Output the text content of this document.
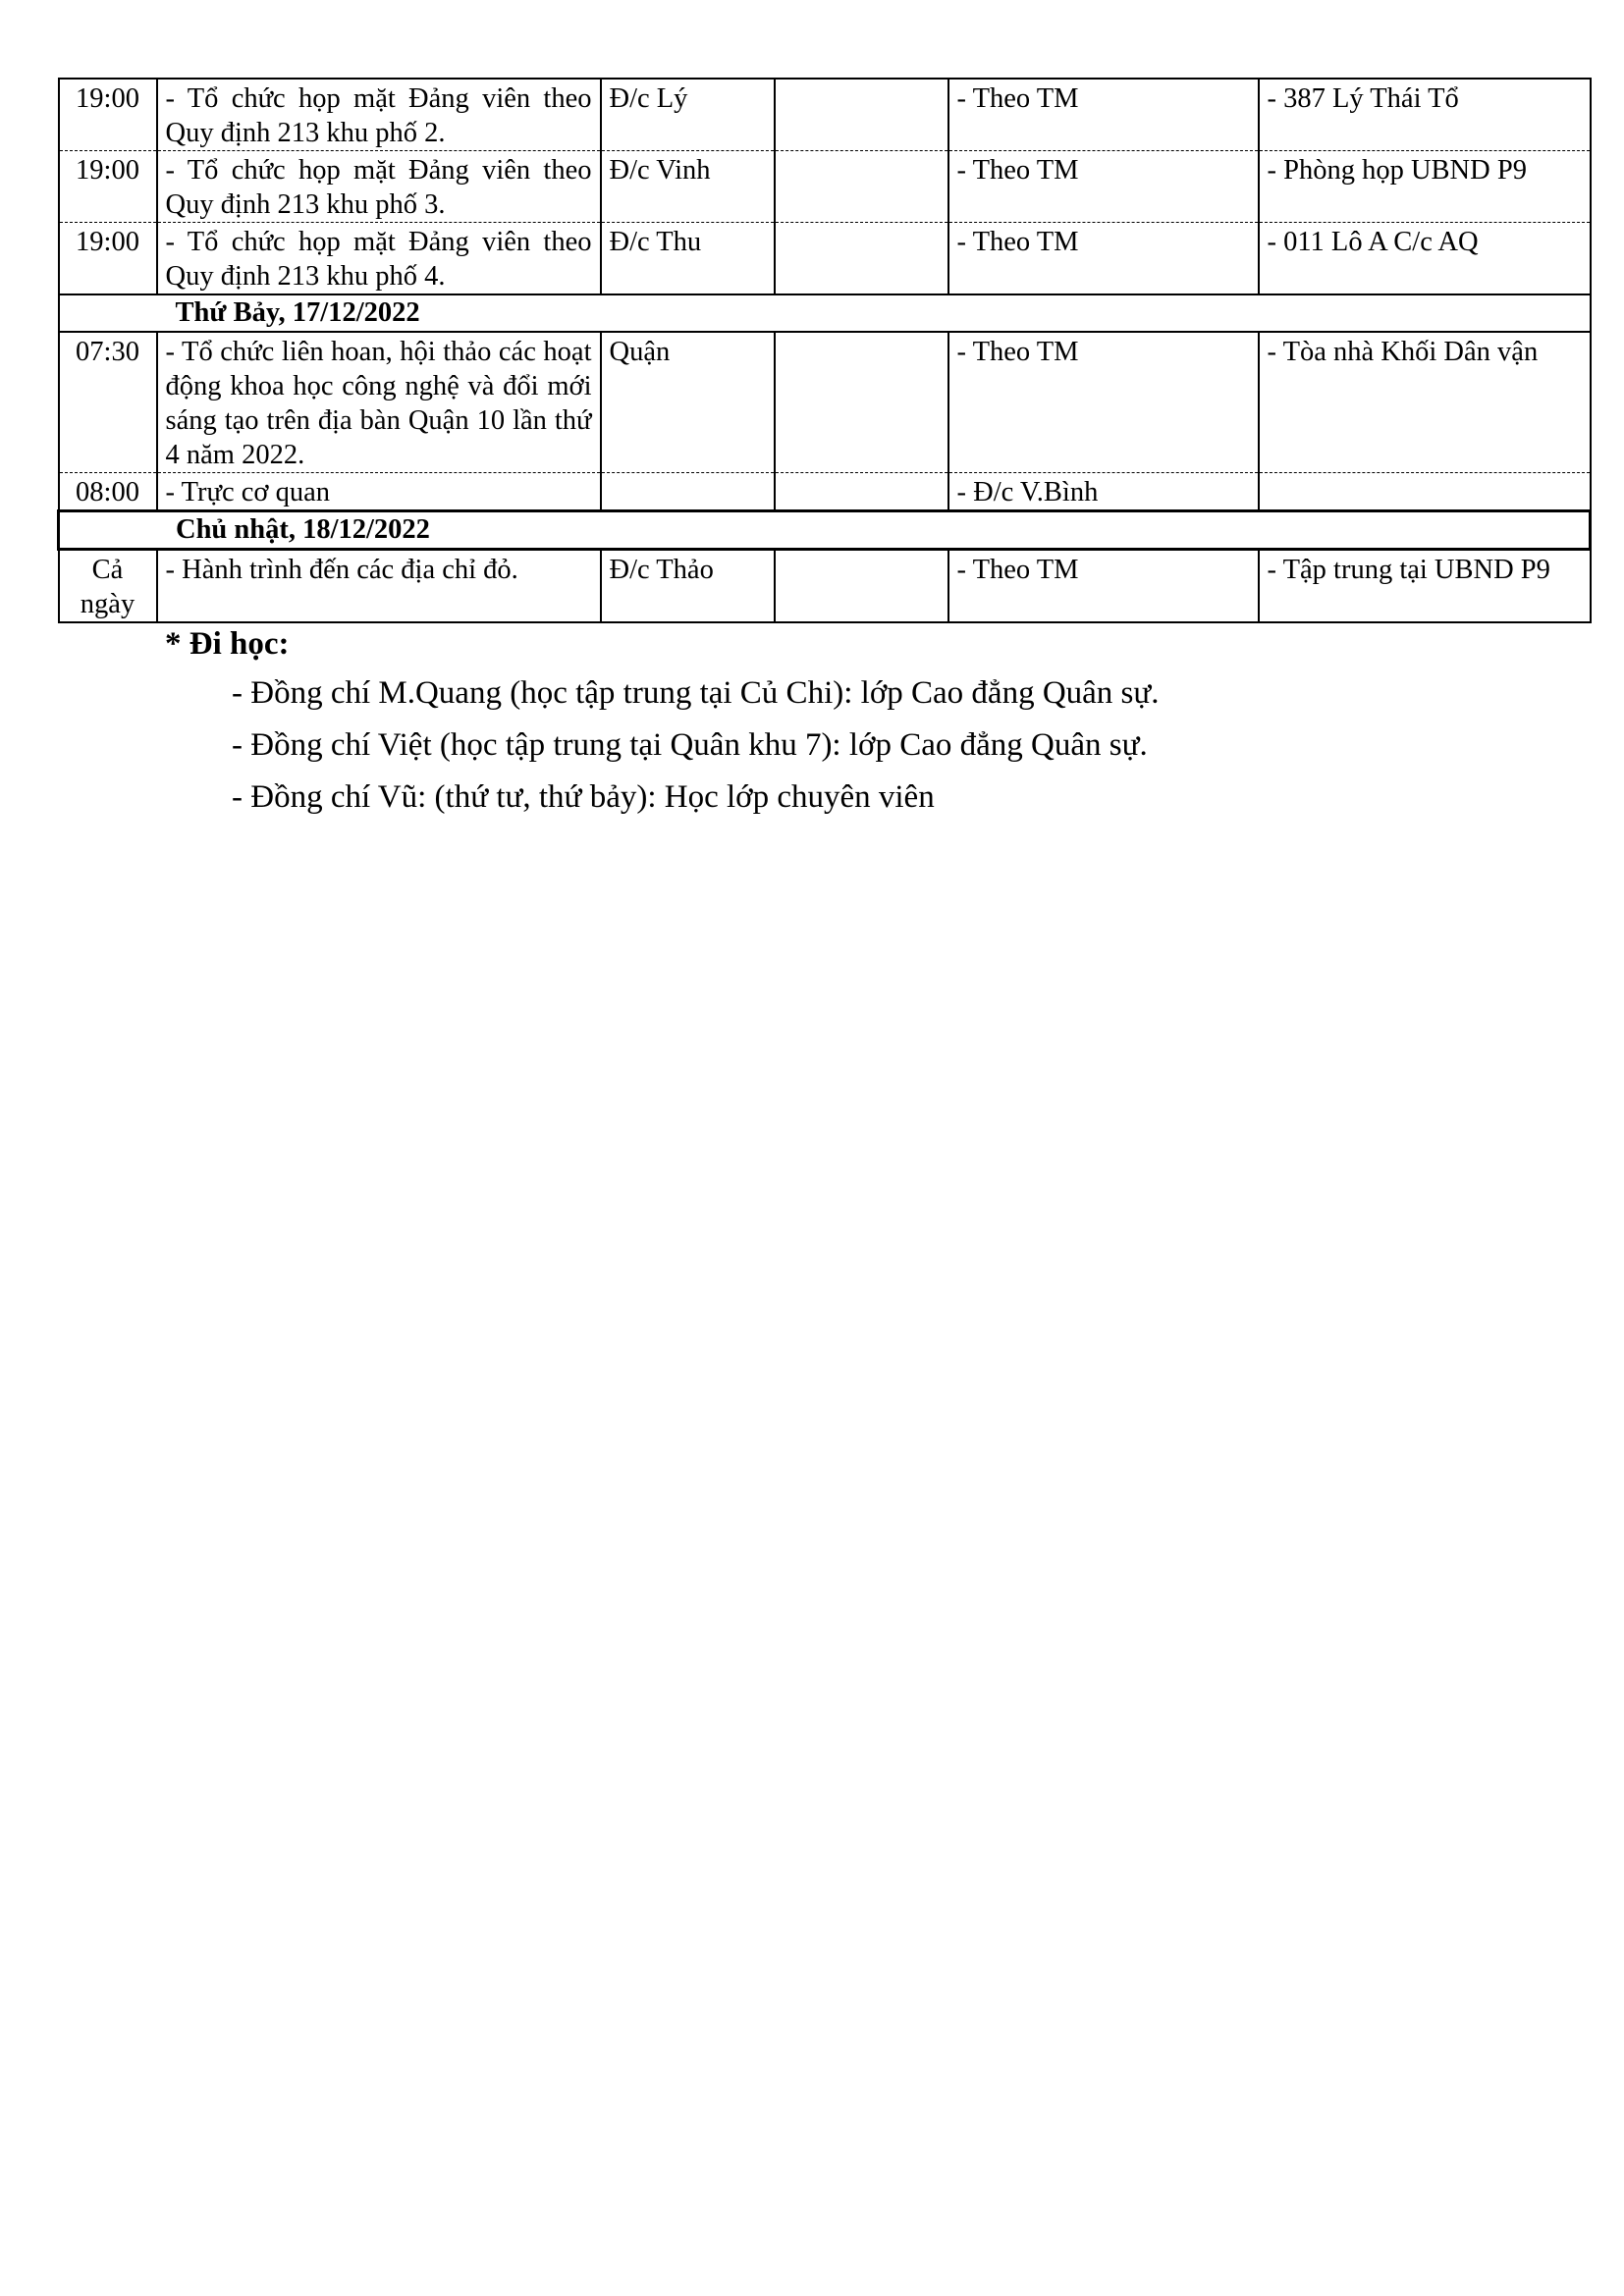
19:00	- Tổ chức họp mặt Đảng viên theo Quy định 213 khu phố 2.	Đ/c Lý		- Theo TM	- 387 Lý Thái Tổ
19:00	- Tổ chức họp mặt Đảng viên theo Quy định 213 khu phố 3.	Đ/c Vinh		- Theo TM	- Phòng họp UBND P9
19:00	- Tổ chức họp mặt Đảng viên theo Quy định 213 khu phố 4.	Đ/c Thu		- Theo TM	- 011 Lô A C/c AQ
Thứ Bảy, 17/12/2022					
07:30	- Tổ chức liên hoan, hội thảo các hoạt động khoa học công nghệ và đổi mới sáng tạo trên địa bàn Quận 10 lần thứ 4 năm 2022.	Quận		- Theo TM	- Tòa nhà Khối Dân vận
08:00	- Trực cơ quan			- Đ/c V.Bình	
Chủ nhật, 18/12/2022					
Cả ngày	- Hành trình đến các địa chỉ đỏ.	Đ/c Thảo		- Theo TM	- Tập trung tại UBND P9
* Đi học:
- Đồng chí M.Quang (học tập trung tại Củ Chi): lớp Cao đẳng Quân sự.
- Đồng chí Việt (học tập trung tại Quân khu 7): lớp Cao đẳng Quân sự.
- Đồng chí Vũ: (thứ tư, thứ bảy): Học lớp chuyên viên
